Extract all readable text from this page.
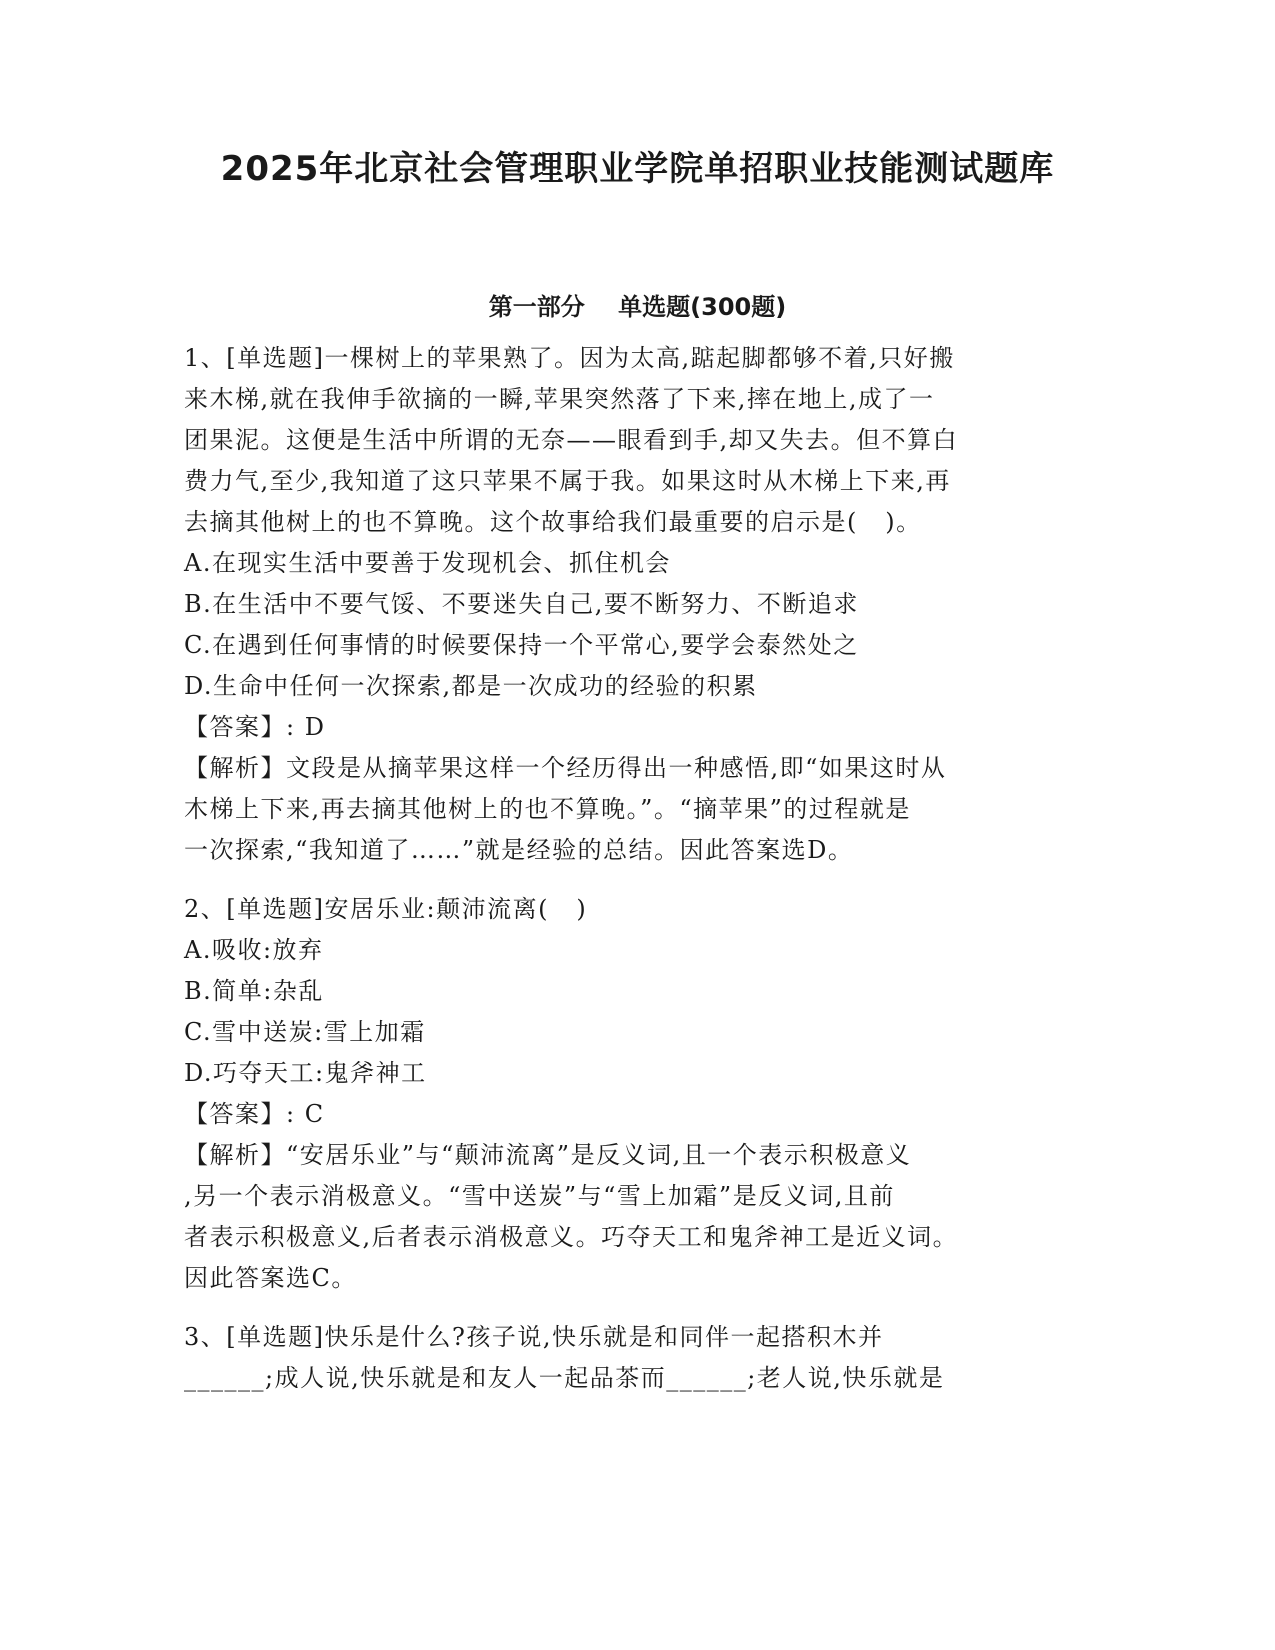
2025年北京社会管理职业学院单招职业技能测试题库
第一部分    单选题(300题)
1、[单选题]一棵树上的苹果熟了。因为太高,踮起脚都够不着,只好搬
来木梯,就在我伸手欲摘的一瞬,苹果突然落了下来,摔在地上,成了一
团果泥。这便是生活中所谓的无奈——眼看到手,却又失去。但不算白
费力气,至少,我知道了这只苹果不属于我。如果这时从木梯上下来,再
去摘其他树上的也不算晚。这个故事给我们最重要的启示是(   )。
A.在现实生活中要善于发现机会、抓住机会
B.在生活中不要气馁、不要迷失自己,要不断努力、不断追求
C.在遇到任何事情的时候要保持一个平常心,要学会泰然处之
D.生命中任何一次探索,都是一次成功的经验的积累
【答案】: D
【解析】文段是从摘苹果这样一个经历得出一种感悟,即“如果这时从
木梯上下来,再去摘其他树上的也不算晚。”。“摘苹果”的过程就是
一次探索,“我知道了……”就是经验的总结。因此答案选D。
2、[单选题]安居乐业:颠沛流离(   )
A.吸收:放弃
B.简单:杂乱
C.雪中送炭:雪上加霜
D.巧夺天工:鬼斧神工
【答案】: C
【解析】“安居乐业”与“颠沛流离”是反义词,且一个表示积极意义
,另一个表示消极意义。“雪中送炭”与“雪上加霜”是反义词,且前
者表示积极意义,后者表示消极意义。巧夺天工和鬼斧神工是近义词。
因此答案选C。
3、[单选题]快乐是什么?孩子说,快乐就是和同伴一起搭积木并
______;成人说,快乐就是和友人一起品茶而______;老人说,快乐就是
